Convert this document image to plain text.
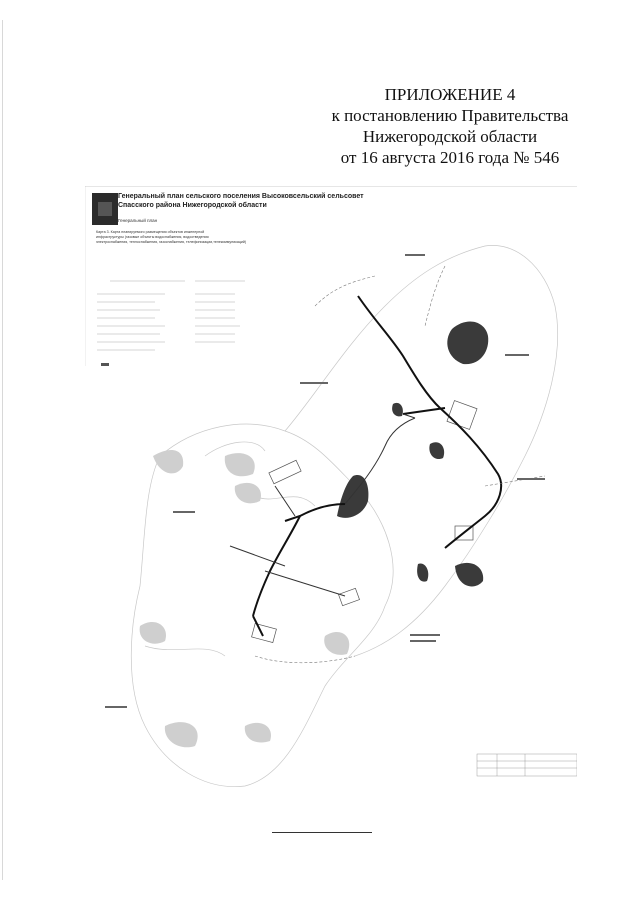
ПРИЛОЖЕНИЕ 4
к постановлению Правительства
Нижегородской области
от 16 августа 2016 года № 546
Генеральный план сельского поселения Высоковсельский сельсовет
Спасского района Нижегородской области
Генеральный план
Карта 3. Карта планируемого размещения объектов инженерной
инфраструктуры (газовые объекты водоснабжения, водоотведения
электроснабжения, теплоснабжения, газоснабжения, телефонизации,телекоммуникаций)
